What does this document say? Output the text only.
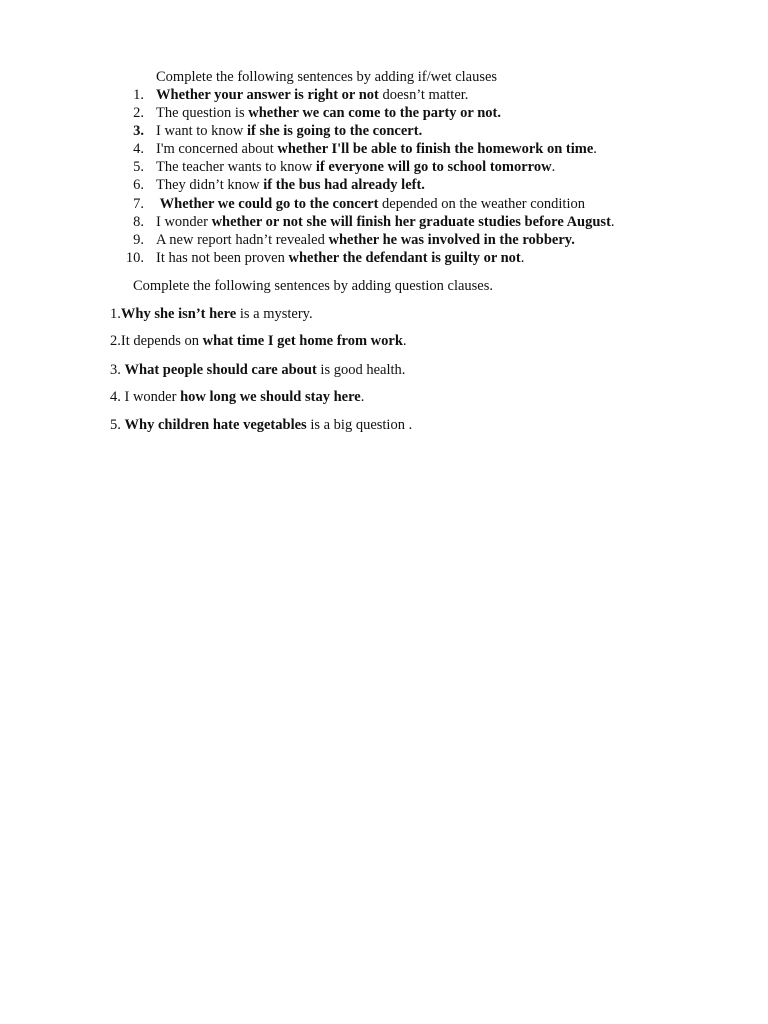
Complete the following sentences by adding if/wet clauses
1. Whether your answer is right or not doesn’t matter.
2. The question is whether we can come to the party or not.
3. I want to know if she is going to the concert.
4. I'm concerned about whether I'll be able to finish the homework on time.
5. The teacher wants to know if everyone will go to school tomorrow.
6. They didn’t know if the bus had already left.
7. Whether we could go to the concert depended on the weather condition
8. I wonder whether or not she will finish her graduate studies before August.
9. A new report hadn’t revealed whether he was involved in the robbery.
10. It has not been proven whether the defendant is guilty or not.
Complete the following sentences by adding question clauses.
1.Why she isn’t here is a mystery.
2.It depends on what time I get home from work.
3. What people should care about is good health.
4. I wonder how long we should stay here.
5. Why children hate vegetables is a big question .
